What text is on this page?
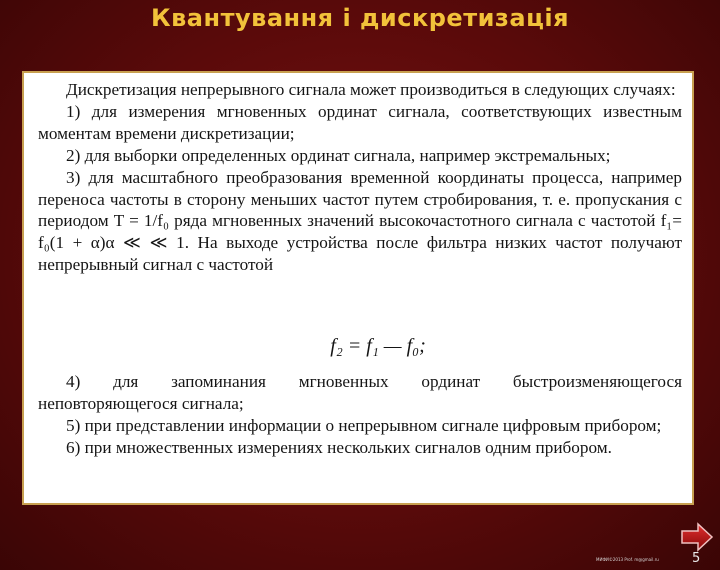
Квантування і дискретизація

Дискретизация непрерывного сигнала может производиться в следующих случаях:

1) для измерения мгновенных ординат сигнала, соответствующих известным моментам времени дискретизации;

2) для выборки определенных ординат сигнала, например экстремальных;

3) для масштабного преобразования временной координаты процесса, например переноса частоты в сторону меньших частот путем стробирования, т. е. пропускания с периодом T = 1/f₀ ряда мгновенных значений высокочастотного сигнала с частотой f₁= f₀(1 + α)α ≪ ≪ 1. На выходе устройства после фильтра низких частот получают непрерывный сигнал с частотой

f₂ = f₁ — f₀;

4) для запоминания мгновенных ординат быстроизменяющегося неповторяющегося сигнала;

5) при представлении информации о непрерывном сигнале цифровым прибором;

6) при множественных измерениях нескольких сигналов одним прибором.

5
МИФИ©2013 Prof. m@gmail.ru
